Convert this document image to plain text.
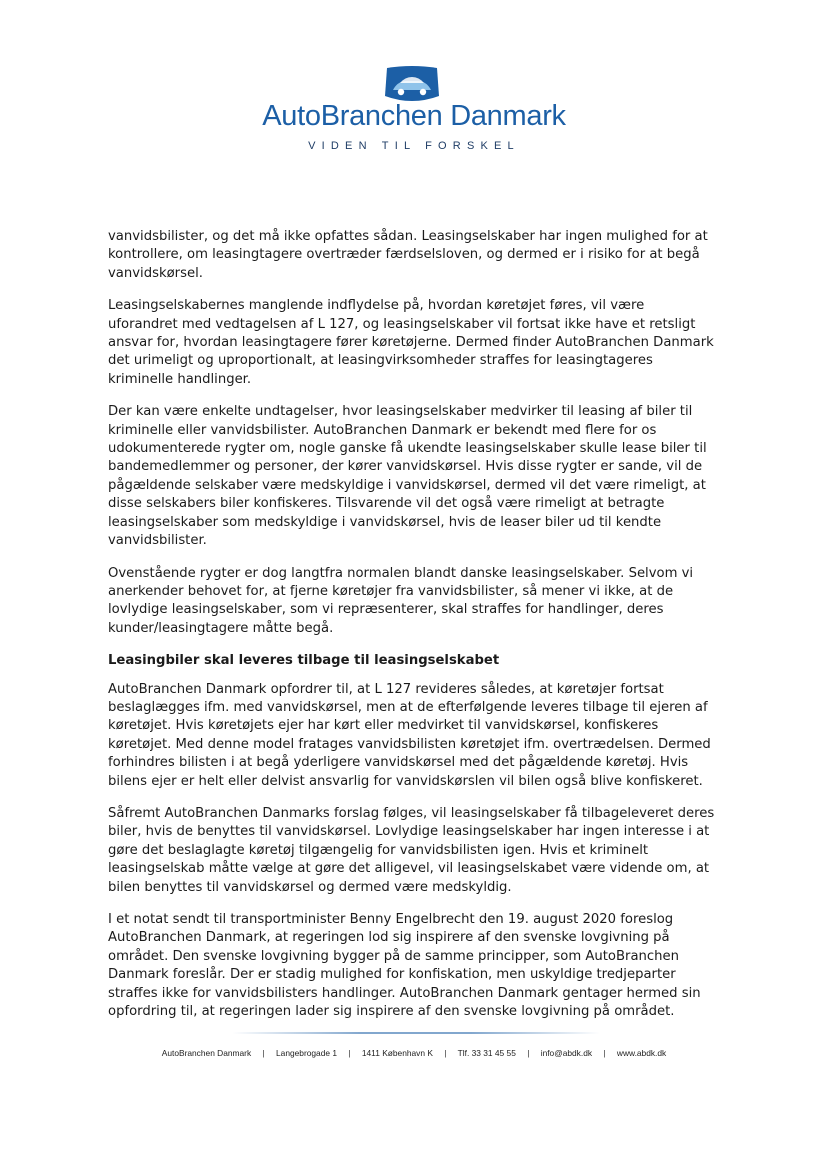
AutoBranchen Danmark
VIDEN TIL FORSKEL

vanvidsbilister, og det må ikke opfattes sådan. Leasingselskaber har ingen mulighed for at kontrollere, om leasingtagere overtræder færdselsloven, og dermed er i risiko for at begå vanvidskørsel.

Leasingselskabernes manglende indflydelse på, hvordan køretøjet føres, vil være uforandret med vedtagelsen af L 127, og leasingselskaber vil fortsat ikke have et retsligt ansvar for, hvordan leasingtagere fører køretøjerne. Dermed finder AutoBranchen Danmark det urimeligt og uproportionalt, at leasingvirksomheder straffes for leasingtageres kriminelle handlinger.

Der kan være enkelte undtagelser, hvor leasingselskaber medvirker til leasing af biler til kriminelle eller vanvidsbilister. AutoBranchen Danmark er bekendt med flere for os udokumenterede rygter om, nogle ganske få ukendte leasingselskaber skulle lease biler til bandemedlemmer og personer, der kører vanvidskørsel. Hvis disse rygter er sande, vil de pågældende selskaber være medskyldige i vanvidskørsel, dermed vil det være rimeligt, at disse selskabers biler konfiskeres. Tilsvarende vil det også være rimeligt at betragte leasingselskaber som medskyldige i vanvidskørsel, hvis de leaser biler ud til kendte vanvidsbilister.

Ovenstående rygter er dog langtfra normalen blandt danske leasingselskaber. Selvom vi anerkender behovet for, at fjerne køretøjer fra vanvidsbilister, så mener vi ikke, at de lovlydige leasingselskaber, som vi repræsenterer, skal straffes for handlinger, deres kunder/leasingtagere måtte begå.

Leasingbiler skal leveres tilbage til leasingselskabet

AutoBranchen Danmark opfordrer til, at L 127 revideres således, at køretøjer fortsat beslaglægges ifm. med vanvidskørsel, men at de efterfølgende leveres tilbage til ejeren af køretøjet. Hvis køretøjets ejer har kørt eller medvirket til vanvidskørsel, konfiskeres køretøjet. Med denne model fratages vanvidsbilisten køretøjet ifm. overtrædelsen. Dermed forhindres bilisten i at begå yderligere vanvidskørsel med det pågældende køretøj. Hvis bilens ejer er helt eller delvist ansvarlig for vanvidskørslen vil bilen også blive konfiskeret.

Såfremt AutoBranchen Danmarks forslag følges, vil leasingselskaber få tilbageleveret deres biler, hvis de benyttes til vanvidskørsel. Lovlydige leasingselskaber har ingen interesse i at gøre det beslaglagte køretøj tilgængelig for vanvidsbilisten igen. Hvis et kriminelt leasingselskab måtte vælge at gøre det alligevel, vil leasingselskabet være vidende om, at bilen benyttes til vanvidskørsel og dermed være medskyldig.

I et notat sendt til transportminister Benny Engelbrecht den 19. august 2020 foreslog AutoBranchen Danmark, at regeringen lod sig inspirere af den svenske lovgivning på området. Den svenske lovgivning bygger på de samme principper, som AutoBranchen Danmark foreslår. Der er stadig mulighed for konfiskation, men uskyldige tredjeparter straffes ikke for vanvidsbilisters handlinger. AutoBranchen Danmark gentager hermed sin opfordring til, at regeringen lader sig inspirere af den svenske lovgivning på området.

AutoBranchen Danmark | Langebrogade 1 | 1411 København K | Tlf. 33 31 45 55 | info@abdk.dk | www.abdk.dk
